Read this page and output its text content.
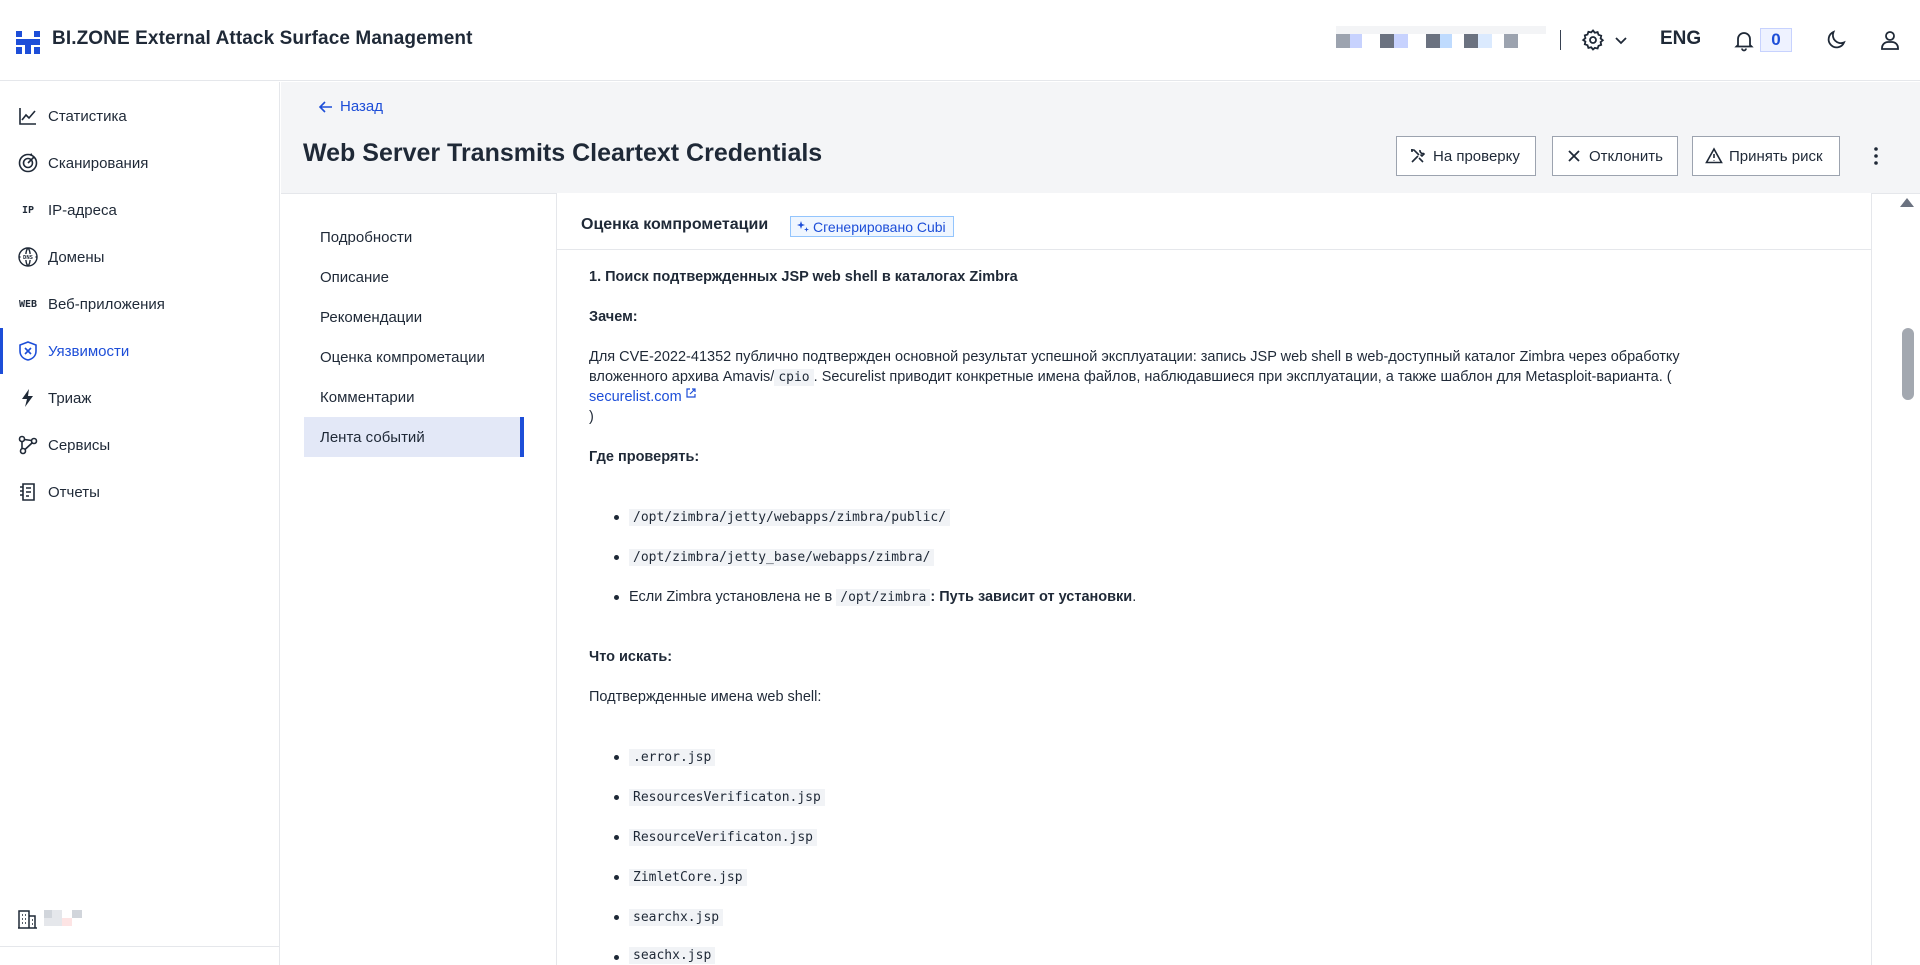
BI.ZONE External Attack Surface Management	ENG	0
Статистика
Сканирования
IP IP-адреса
DNS Домены
WEB Веб-приложения
Уязвимости
Триаж
Сервисы
Отчеты
Назад
Web Server Transmits Cleartext Credentials	На проверку	Отклонить	Принять риск
Подробности
Описание
Рекомендации
Оценка компрометации
Комментарии
Лента событий
Оценка компрометации	Сгенерировано Cubi
1. Поиск подтвержденных JSP web shell в каталогах Zimbra
Зачем:
Для CVE-2022-41352 публично подтвержден основной результат успешной эксплуатации: запись JSP web shell в web-доступный каталог Zimbra через обработку
вложенного архива Amavis/ cpio . Securelist приводит конкретные имена файлов, наблюдавшиеся при эксплуатации, а также шаблон для Metasploit-варианта. (
securelist.com
)
Где проверять:
/opt/zimbra/jetty/webapps/zimbra/public/
/opt/zimbra/jetty_base/webapps/zimbra/
Если Zimbra установлена не в /opt/zimbra : Путь зависит от установки.
Что искать:
Подтвержденные имена web shell:
.error.jsp
ResourcesVerificaton.jsp
ResourceVerificaton.jsp
ZimletCore.jsp
searchx.jsp
seachx.jsp
